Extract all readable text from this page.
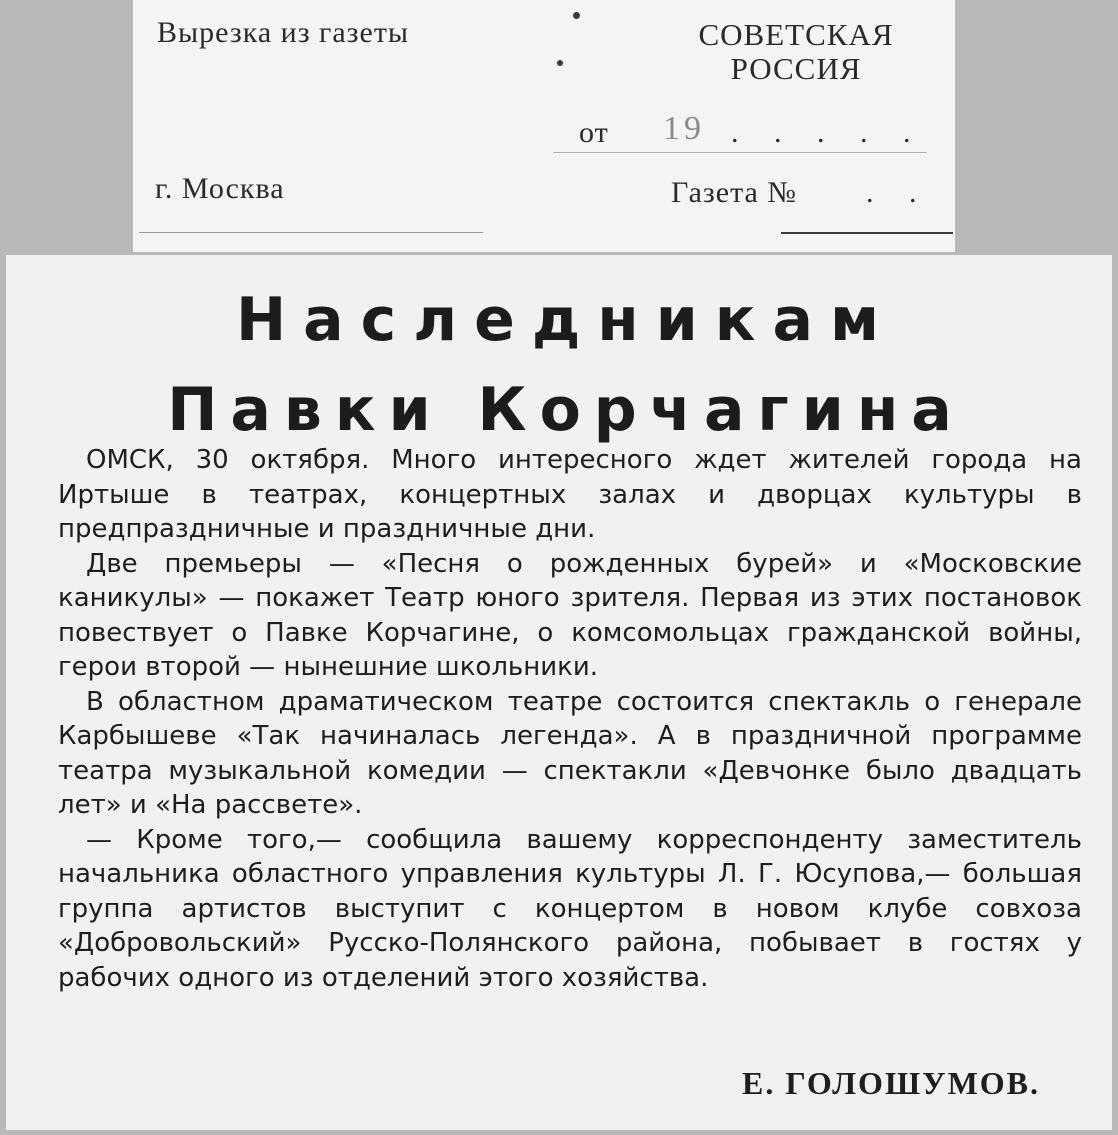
Вырезка из газеты	СОВЕТСКАЯ РОССИЯ
от 19 . . . . .
г. Москва	Газета № . .
Наследникам
Павки Корчагина

ОМСК, 30 октября. Много интересного ждет жителей города на Иртыше в театрах, концертных залах и дворцах культуры в предпраздничные и праздничные дни.

Две премьеры — «Песня о рожденных бурей» и «Московские каникулы» — покажет Театр юного зрителя. Первая из этих постановок повествует о Павке Корчагине, о комсомольцах гражданской войны, герои второй — нынешние школьники.

В областном драматическом театре состоится спектакль о генерале Карбышеве «Так начиналась легенда». А в праздничной программе театра музыкальной комедии — спектакли «Девчонке было двадцать лет» и «На рассвете».

— Кроме того,— сообщила вашему корреспонденту заместитель начальника областного управления культуры Л. Г. Юсупова,— большая группа артистов выступит с концертом в новом клубе совхоза «Добровольский» Русско-Полянского района, побывает в гостях у рабочих одного из отделений этого хозяйства.

Е. ГОЛОШУМОВ.
